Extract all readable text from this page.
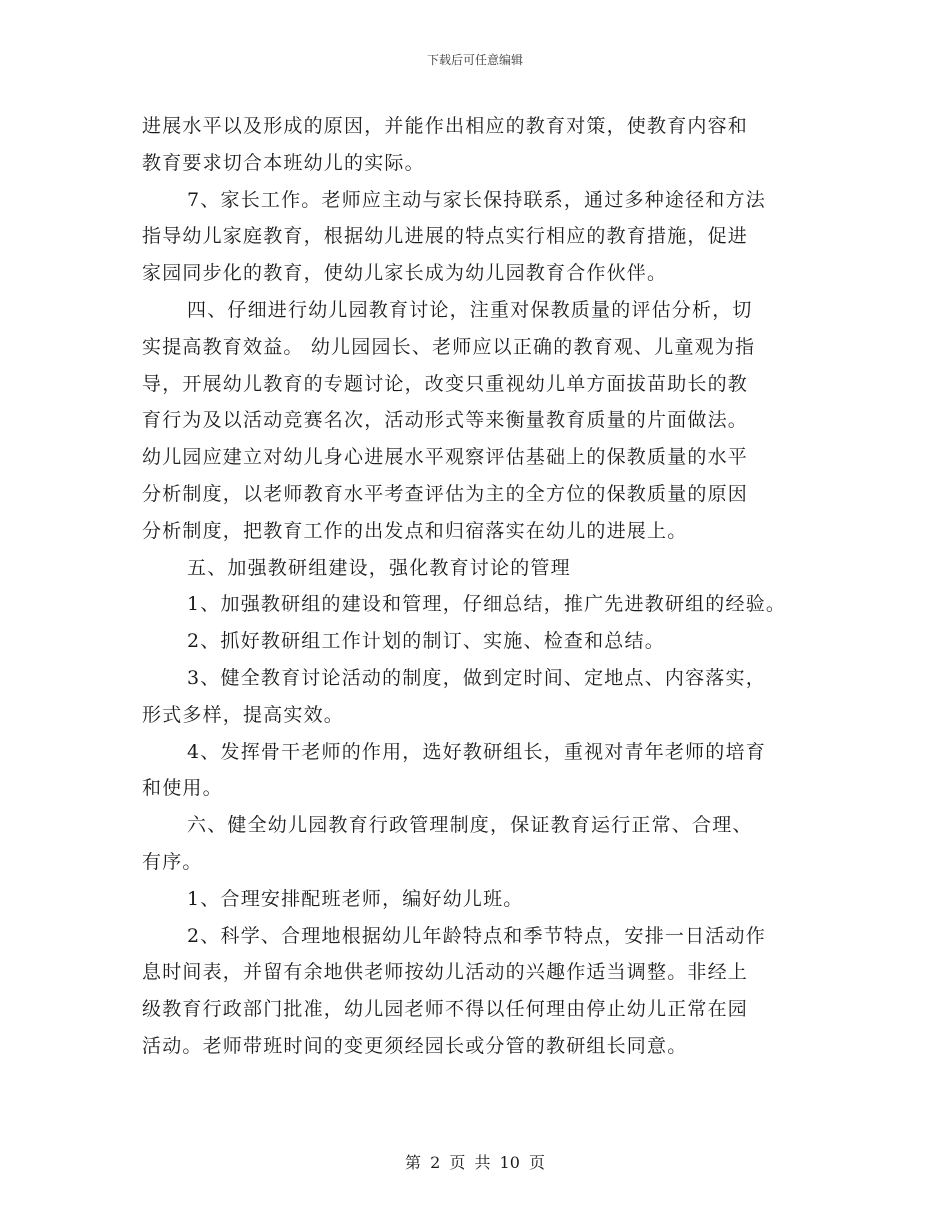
下载后可任意编辑
进展水平以及形成的原因，并能作出相应的教育对策，使教育内容和
教育要求切合本班幼儿的实际。
7、家长工作。老师应主动与家长保持联系，通过多种途径和方法
指导幼儿家庭教育，根据幼儿进展的特点实行相应的教育措施，促进
家园同步化的教育，使幼儿家长成为幼儿园教育合作伙伴。
四、仔细进行幼儿园教育讨论，注重对保教质量的评估分析，切
实提高教育效益。 幼儿园园长、老师应以正确的教育观、儿童观为指
导，开展幼儿教育的专题讨论，改变只重视幼儿单方面拔苗助长的教
育行为及以活动竞赛名次，活动形式等来衡量教育质量的片面做法。
幼儿园应建立对幼儿身心进展水平观察评估基础上的保教质量的水平
分析制度，以老师教育水平考查评估为主的全方位的保教质量的原因
分析制度，把教育工作的出发点和归宿落实在幼儿的进展上。
五、加强教研组建设，强化教育讨论的管理
1、加强教研组的建设和管理，仔细总结，推广先进教研组的经验。
2、抓好教研组工作计划的制订、实施、检查和总结。
3、健全教育讨论活动的制度，做到定时间、定地点、内容落实，
形式多样，提高实效。
4、发挥骨干老师的作用，选好教研组长，重视对青年老师的培育
和使用。
六、健全幼儿园教育行政管理制度，保证教育运行正常、合理、
有序。
1、合理安排配班老师，编好幼儿班。
2、科学、合理地根据幼儿年龄特点和季节特点，安排一日活动作
息时间表，并留有余地供老师按幼儿活动的兴趣作适当调整。非经上
级教育行政部门批准，幼儿园老师不得以任何理由停止幼儿正常在园
活动。老师带班时间的变更须经园长或分管的教研组长同意。
第 2 页 共 10 页
